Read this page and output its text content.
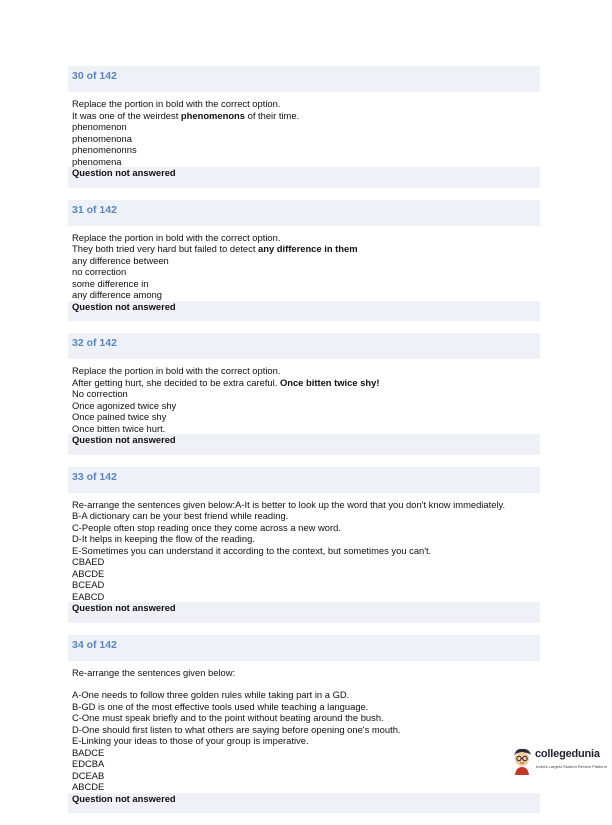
30 of 142
Replace the portion in bold with the correct option.
It was one of the weirdest phenomenons of their time.
phenomenon
phenomenona
phenomenonns
phenomena
Question not answered
31 of 142
Replace the portion in bold with the correct option.
They both tried very hard but failed to detect any difference in them
any difference between
no correction
some difference in
any difference among
Question not answered
32 of 142
Replace the portion in bold with the correct option.
After getting hurt, she decided to be extra careful. Once bitten twice shy!
No correction
Once agonized twice shy
Once pained twice shy
Once bitten twice hurt.
Question not answered
33 of 142
Re-arrange the sentences given below:A-It is better to look up the word that you don't know immediately.
B-A dictionary can be your best friend while reading.
C-People often stop reading once they come across a new word.
D-It helps in keeping the flow of the reading.
E-Sometimes you can understand it according to the context, but sometimes you can't.
CBAED
ABCDE
BCEAD
EABCD
Question not answered
34 of 142
Re-arrange the sentences given below:
A-One needs to follow three golden rules while taking part in a GD.
B-GD is one of the most effective tools used while teaching a language.
C-One must speak briefly and to the point without beating around the bush.
D-One should first listen to what others are saying before opening one's mouth.
E-Linking your ideas to those of your group is imperative.
BADCE
EDCBA
DCEAB
ABCDE
Question not answered
collegedunia
India's Largest Student Review Platform
